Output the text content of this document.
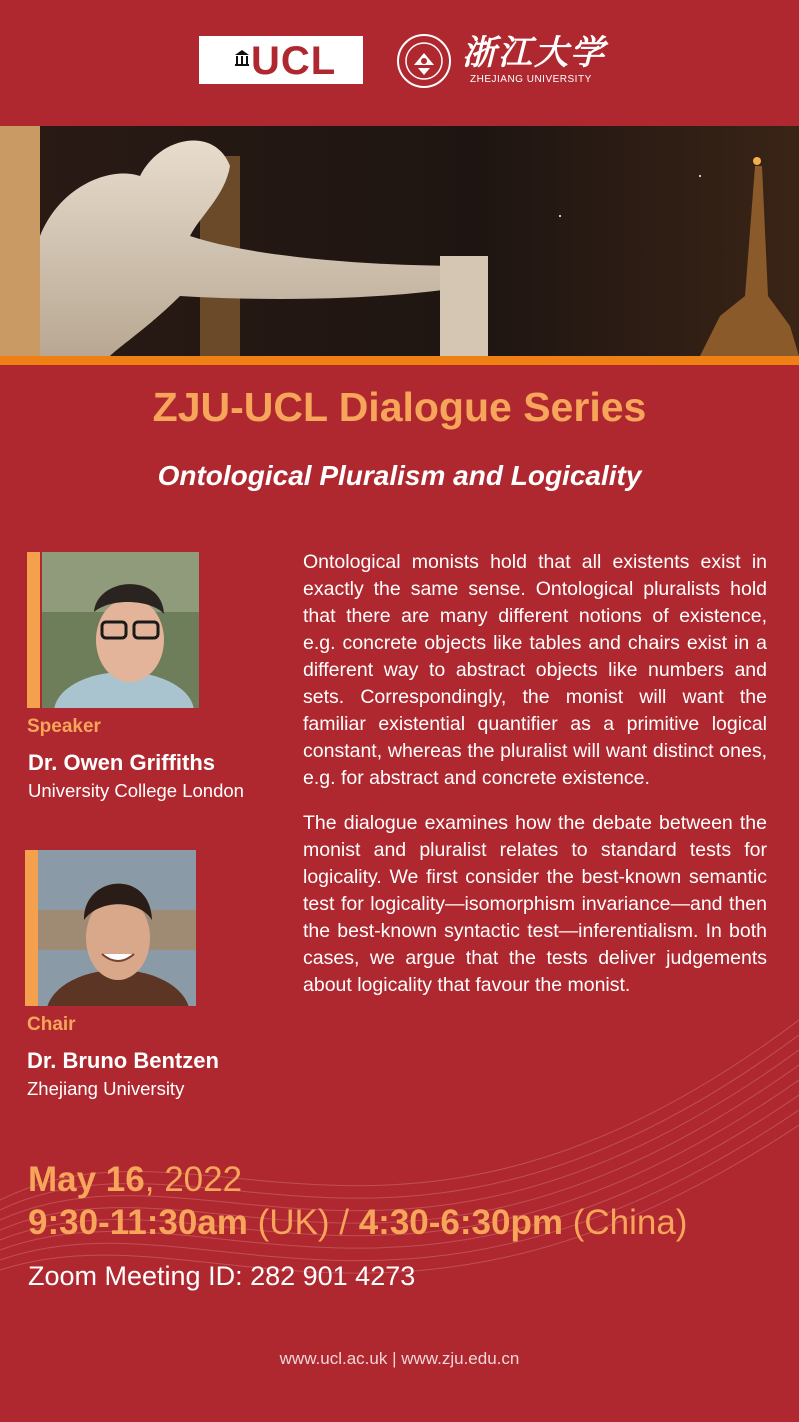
UCL	浙江大学
ZHEJIANG UNIVERSITY
ZJU-UCL Dialogue Series
Ontological Pluralism and Logicality
Speaker
Dr. Owen Griffiths
University College London
Chair
Dr. Bruno Bentzen
Zhejiang University

Ontological monists hold that all existents exist in exactly the same sense. Ontological pluralists hold that there are many different notions of existence, e.g. concrete objects like tables and chairs exist in a different way to abstract objects like numbers and sets. Correspondingly, the monist will want the familiar existential quantifier as a primitive logical constant, whereas the pluralist will want distinct ones, e.g. for abstract and concrete existence.

The dialogue examines how the debate between the monist and pluralist relates to standard tests for logicality. We first consider the best-known semantic test for logicality—isomorphism invariance—and then the best-known syntactic test—inferentialism. In both cases, we argue that the tests deliver judgements about logicality that favour the monist.

May 16, 2022
9:30-11:30am (UK) / 4:30-6:30pm (China)
Zoom Meeting ID: 282 901 4273
www.ucl.ac.uk | www.zju.edu.cn
